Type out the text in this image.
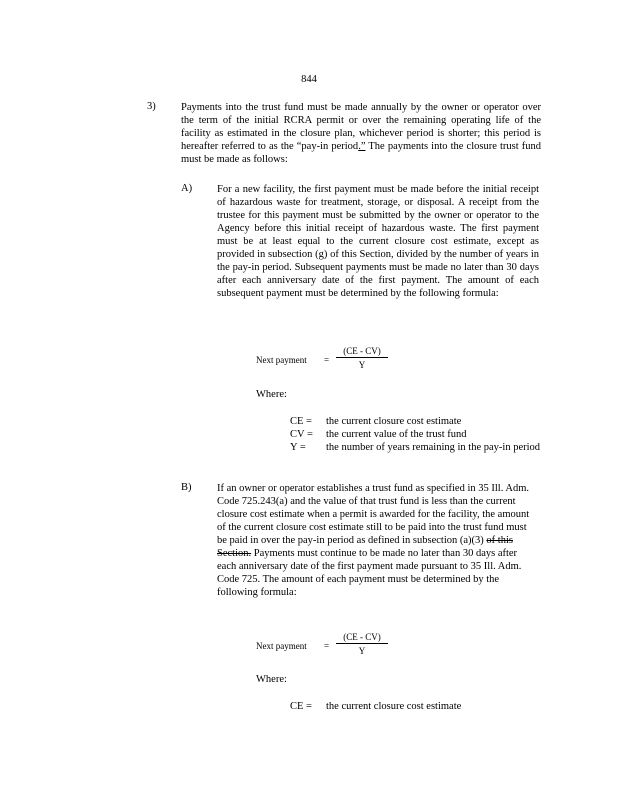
844
3) Payments into the trust fund must be made annually by the owner or operator over the term of the initial RCRA permit or over the remaining operating life of the facility as estimated in the closure plan, whichever period is shorter; this period is hereafter referred to as the “pay-in period.” The payments into the closure trust fund must be made as follows:
A) For a new facility, the first payment must be made before the initial receipt of hazardous waste for treatment, storage, or disposal. A receipt from the trustee for this payment must be submitted by the owner or operator to the Agency before this initial receipt of hazardous waste. The first payment must be at least equal to the current closure cost estimate, except as provided in subsection (g) of this Section, divided by the number of years in the pay-in period. Subsequent payments must be made no later than 30 days after each anniversary date of the first payment. The amount of each subsequent payment must be determined by the following formula:
Next payment = $\frac{(CE - CV)}{Y}$
Where:
CE =	the current closure cost estimate
CV =	the current value of the trust fund
Y =	the number of years remaining in the pay-in period
B) If an owner or operator establishes a trust fund as specified in 35 Ill. Adm. Code 725.243(a) and the value of that trust fund is less than the current closure cost estimate when a permit is awarded for the facility, the amount of the current closure cost estimate still to be paid into the trust fund must be paid in over the pay-in period as defined in subsection (a)(3) of this Section. Payments must continue to be made no later than 30 days after each anniversary date of the first payment made pursuant to 35 Ill. Adm. Code 725. The amount of each payment must be determined by the following formula:
Next payment = $\frac{(CE - CV)}{Y}$
Where:
CE =	the current closure cost estimate
